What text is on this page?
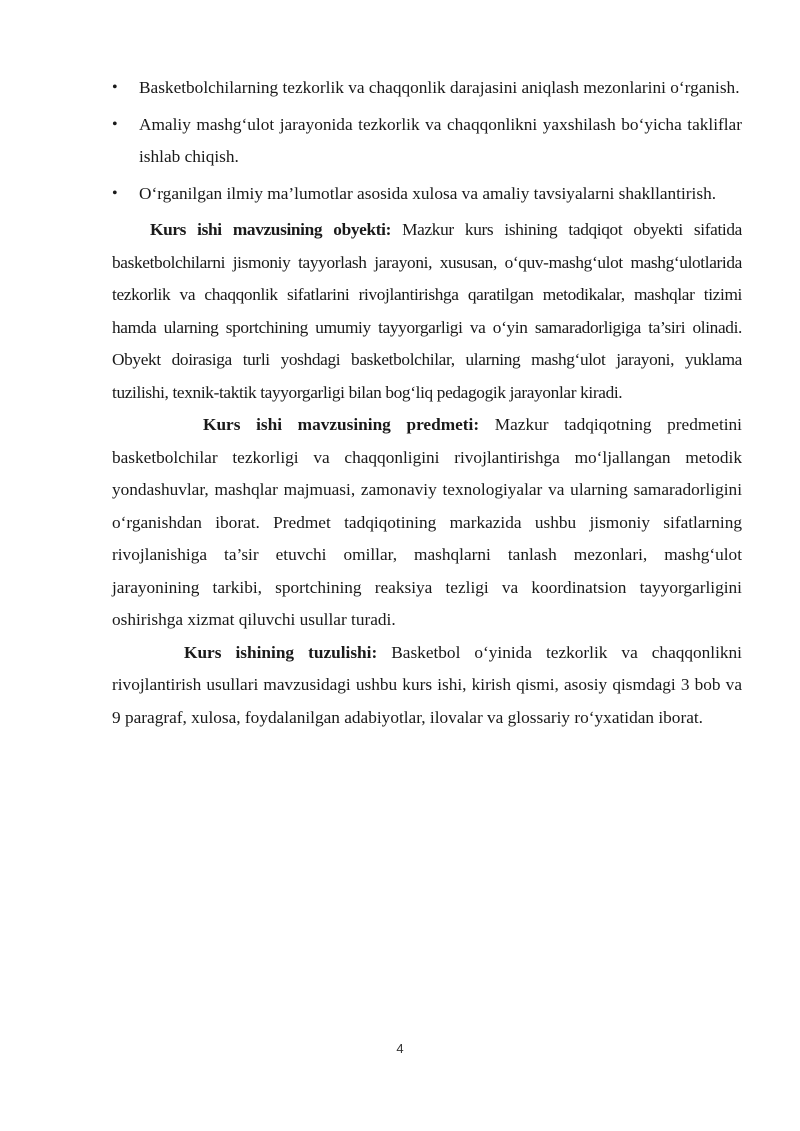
•	Basketbolchilarning tezkorlik va chaqqonlik darajasini aniqlash mezonlarini o‘rganish.
•	Amaliy mashg‘ulot jarayonida tezkorlik va chaqqonlikni yaxshilash bo‘yicha takliflar ishlab chiqish.
•	O‘rganilgan ilmiy ma’lumotlar asosida xulosa va amaliy tavsiyalarni shakllantirish.

Kurs ishi mavzusining obyekti: Mazkur kurs ishining tadqiqot obyekti sifatida basketbolchilarni jismoniy tayyorlash jarayoni, xususan, o‘quv-mashg‘ulot mashg‘ulotlarida tezkorlik va chaqqonlik sifatlarini rivojlantirishga qaratilgan metodikalar, mashqlar tizimi hamda ularning sportchining umumiy tayyorgarligi va o‘yin samaradorligiga ta’siri olinadi. Obyekt doirasiga turli yoshdagi basketbolchilar, ularning mashg‘ulot jarayoni, yuklama tuzilishi, texnik-taktik tayyorgarligi bilan bog‘liq pedagogik jarayonlar kiradi.

Kurs ishi mavzusining predmeti: Mazkur tadqiqotning predmetini basketbolchilar tezkorligi va chaqqonligini rivojlantirishga mo‘ljallangan metodik yondashuvlar, mashqlar majmuasi, zamonaviy texnologiyalar va ularning samaradorligini o‘rganishdan iborat. Predmet tadqiqotining markazida ushbu jismoniy sifatlarning rivojlanishiga ta’sir etuvchi omillar, mashqlarni tanlash mezonlari, mashg‘ulot jarayonining tarkibi, sportchining reaksiya tezligi va koordinatsion tayyorgarligini oshirishga xizmat qiluvchi usullar turadi.

Kurs ishining tuzulishi: Basketbol o‘yinida tezkorlik va chaqqonlikni rivojlantirish usullari mavzusidagi ushbu kurs ishi, kirish qismi, asosiy qismdagi 3 bob va 9 paragraf, xulosa, foydalanilgan adabiyotlar, ilovalar va glossariy ro‘yxatidan iborat.

4
